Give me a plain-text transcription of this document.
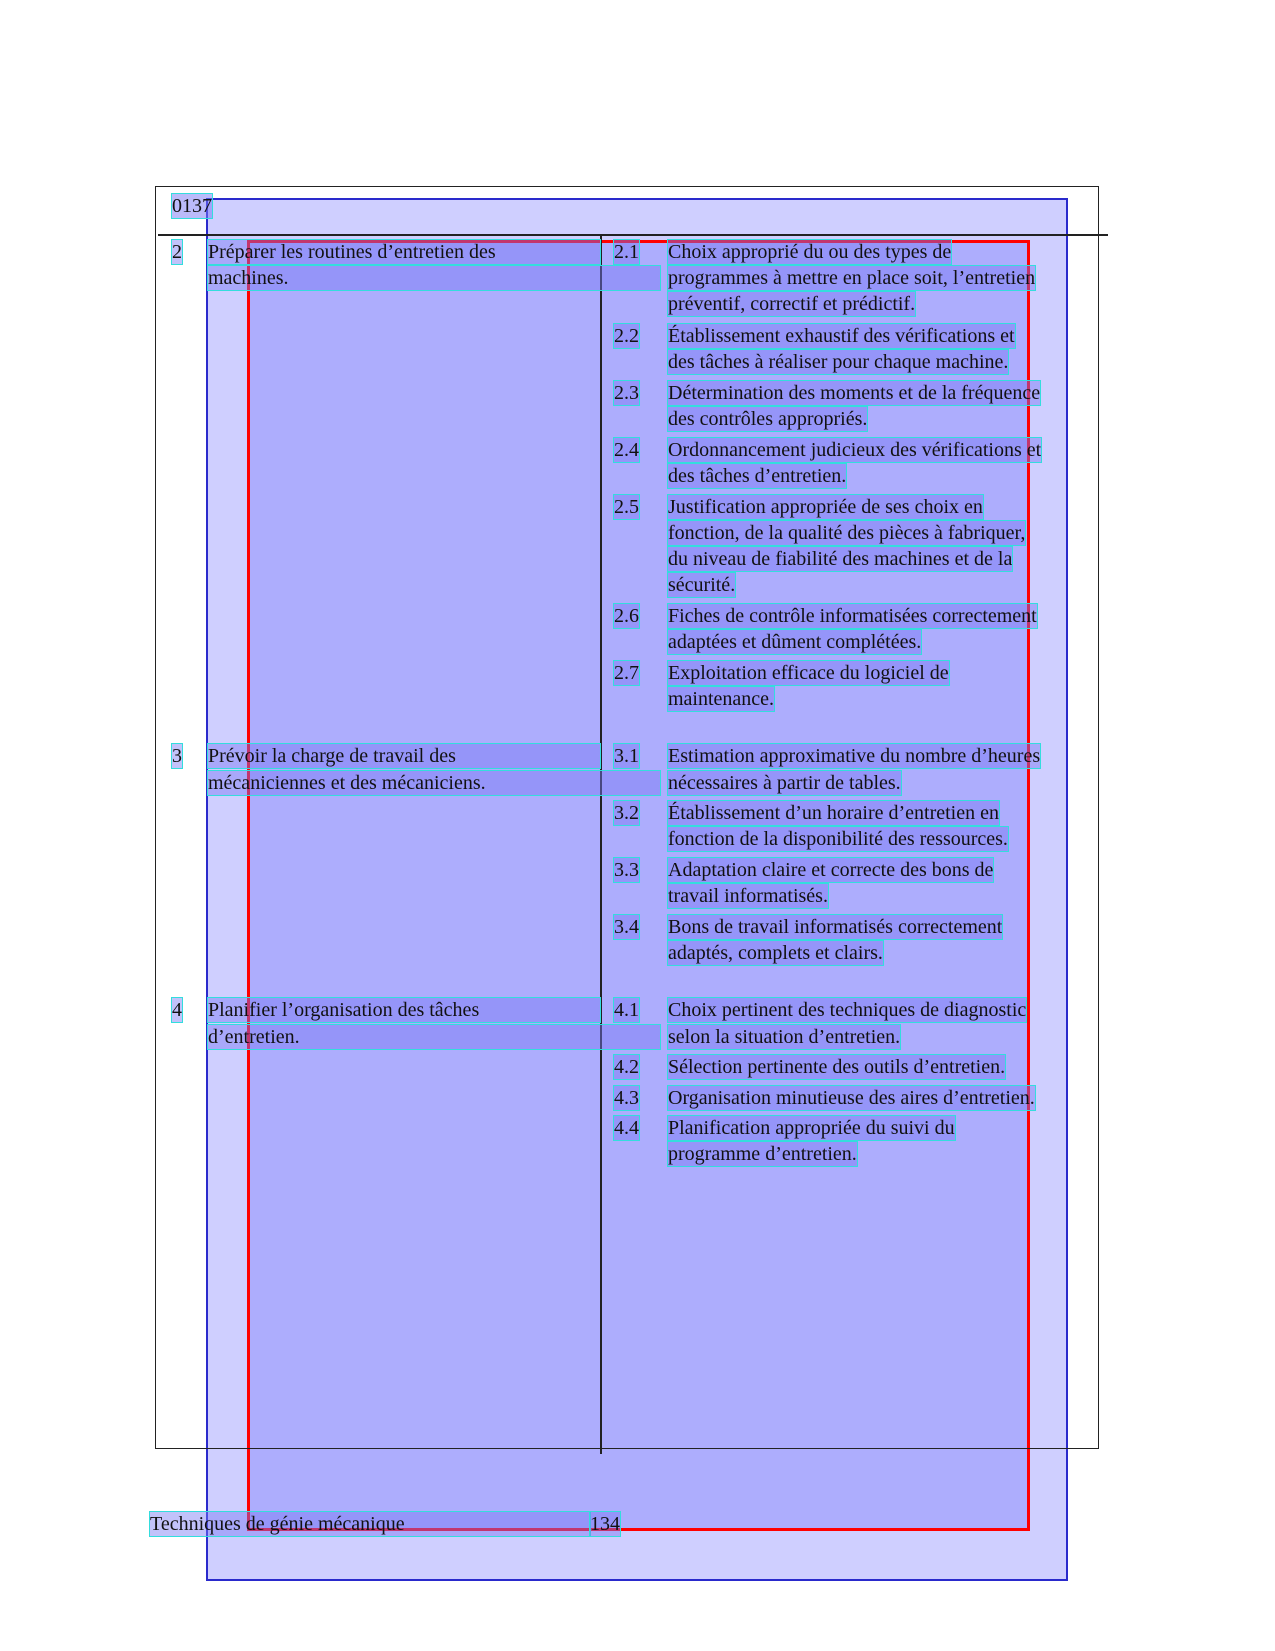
0137
2 Préparer les routines d’entretien des
machines.
2.1 Choix approprié du ou des types de
programmes à mettre en place soit, l’entretien
préventif, correctif et prédictif.
2.2 Établissement exhaustif des vérifications et
des tâches à réaliser pour chaque machine.
2.3 Détermination des moments et de la fréquence
des contrôles appropriés.
2.4 Ordonnancement judicieux des vérifications et
des tâches d’entretien.
2.5 Justification appropriée de ses choix en
fonction, de la qualité des pièces à fabriquer,
du niveau de fiabilité des machines et de la
sécurité.
2.6 Fiches de contrôle informatisées correctement
adaptées et dûment complétées.
2.7 Exploitation efficace du logiciel de
maintenance.
3 Prévoir la charge de travail des
mécaniciennes et des mécaniciens.
3.1 Estimation approximative du nombre d’heures
nécessaires à partir de tables.
3.2 Établissement d’un horaire d’entretien en
fonction de la disponibilité des ressources.
3.3 Adaptation claire et correcte des bons de
travail informatisés.
3.4 Bons de travail informatisés correctement
adaptés, complets et clairs.
4 Planifier l’organisation des tâches
d’entretien.
4.1 Choix pertinent des techniques de diagnostic
selon la situation d’entretien.
4.2 Sélection pertinente des outils d’entretien.
4.3 Organisation minutieuse des aires d’entretien.
4.4 Planification appropriée du suivi du
programme d’entretien.
Techniques de génie mécanique	134
